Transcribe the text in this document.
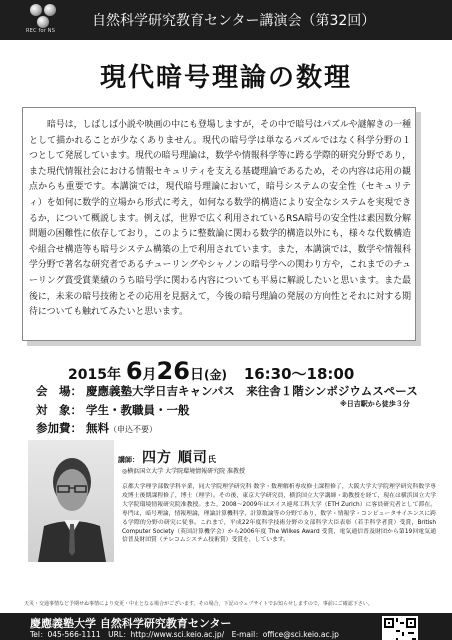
REC for NS
自然科学研究教育センター講演会（第32回）
現代暗号理論の数理
暗号は，しばしば小説や映画の中にも登場しますが，その中で暗号はパズルや謎解きの一種として描かれることが少なくありません。現代の暗号学は単なるパズルではなく科学分野の１つとして発展しています。現代の暗号理論は，数学や情報科学等に跨る学際的研究分野であり，また現代情報社会における情報セキュリティを支える基礎理論であるため，その内容は応用の観点からも重要です。本講演では，現代暗号理論において，暗号システムの安全性（セキュリティ）を如何に数学的立場から形式に考え，如何なる数学的構造により安全なシステムを実現できるか，について概説します。例えば，世界で広く利用されているRSA暗号の安全性は素因数分解問題の困難性に依存しており，このように整数論に関わる数学的構造以外にも，様々な代数構造や組合せ構造等も暗号システム構築の上で利用されています。また，本講演では，数学や情報科学分野で著名な研究者であるチューリングやシャノンの暗号学への関わり方や，これまでのチューリング賞受賞業績のうち暗号学に関わる内容についても平易に解説したいと思います。また最後に，未来の暗号技術とその応用を見据えて，今後の暗号理論の発展の方向性とそれに対する期待についても触れてみたいと思います。
2015年 6月26日(金) 16:30～18:00
会　場： 慶應義塾大学日吉キャンパス　来往舎１階シンポジウムスペース
※日吉駅から徒歩３分
対　象： 学生・教職員・一般
参加費： 無料（申込不要）
講師： 四方 順司氏
◎横浜国立大学 大学院環境情報研究院 准教授
京都大学理学部数学科卒業，同大学院理学研究科 数学・数理解析専攻修士課程修了，大阪大学大学院理学研究科数学専攻博士後期課程修了，博士（理学）。その後，東京大学研究員，横浜国立大学講師・助教授を経て，現在は横浜国立大学大学院環境情報研究院准教授。また，2008～2009年はスイス連邦工科大学（ETH Zurich）に客員研究者として滞在。専門は，暗号理論，情報理論，理論計算機科学，計算数論等の分野であり，数学・情報学・コンピュータサイエンスに跨る学際的分野の研究に従事。これまで，平成22年度科学技術分野の文部科学大臣表彰（若手科学者賞）受賞，British Computer Society（英国計算機学会）から2006年度 The Wilkes Award 受賞，電気通信普及財団から第19回電気通信普及財団賞（テレコムシステム技術賞）受賞を，しています。
天災・交通事情など予期せぬ事情により変更・中止となる場合がございます。その場合，下記のウェブサイトでお知らせしますので，事前にご確認下さい。
慶應義塾大学 自然科学研究教育センター
Tel：045-566-1111　URL：http://www.sci.keio.ac.jp/　E-mail：office@sci.keio.ac.jp
